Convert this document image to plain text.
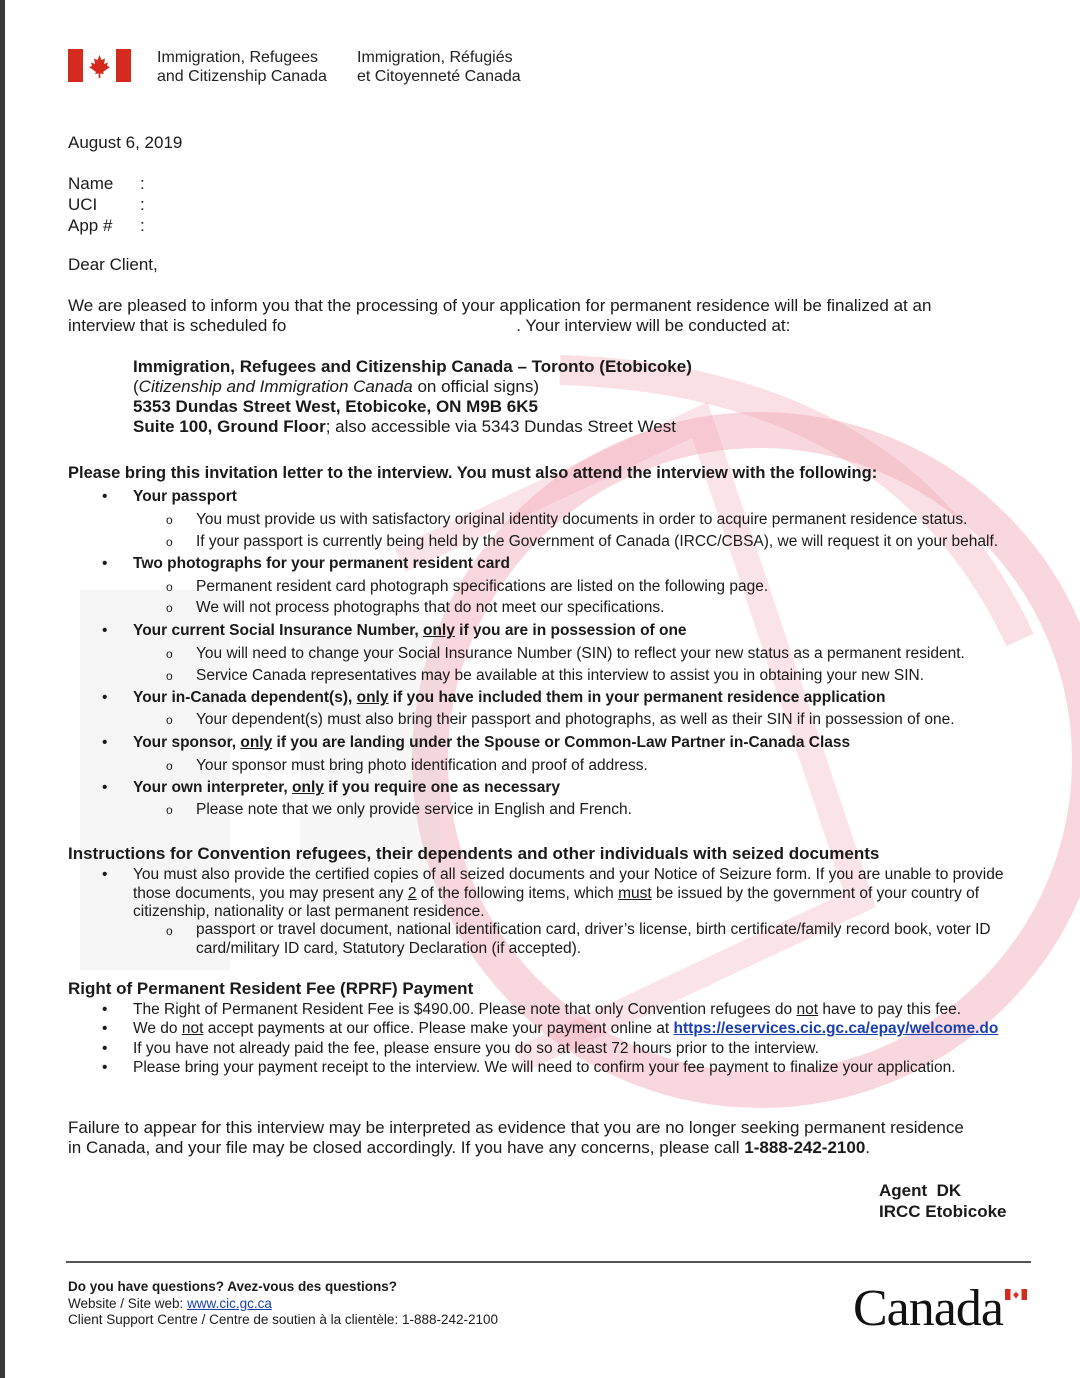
Immigration, Refugees
and Citizenship Canada
Immigration, Réfugiés
et Citoyenneté Canada
August 6, 2019
Name	:
UCI	:
App #	:
Dear Client,
We are pleased to inform you that the processing of your application for permanent residence will be finalized at an
interview that is scheduled fo	. Your interview will be conducted at:
Immigration, Refugees and Citizenship Canada – Toronto (Etobicoke)
(Citizenship and Immigration Canada on official signs)
5353 Dundas Street West, Etobicoke, ON M9B 6K5
Suite 100, Ground Floor; also accessible via 5343 Dundas Street West
Please bring this invitation letter to the interview. You must also attend the interview with the following:
• Your passport
o You must provide us with satisfactory original identity documents in order to acquire permanent residence status.
o If your passport is currently being held by the Government of Canada (IRCC/CBSA), we will request it on your behalf.
• Two photographs for your permanent resident card
o Permanent resident card photograph specifications are listed on the following page.
o We will not process photographs that do not meet our specifications.
• Your current Social Insurance Number, only if you are in possession of one
o You will need to change your Social Insurance Number (SIN) to reflect your new status as a permanent resident.
o Service Canada representatives may be available at this interview to assist you in obtaining your new SIN.
• Your in-Canada dependent(s), only if you have included them in your permanent residence application
o Your dependent(s) must also bring their passport and photographs, as well as their SIN if in possession of one.
• Your sponsor, only if you are landing under the Spouse or Common-Law Partner in-Canada Class
o Your sponsor must bring photo identification and proof of address.
• Your own interpreter, only if you require one as necessary
o Please note that we only provide service in English and French.
Instructions for Convention refugees, their dependents and other individuals with seized documents
• You must also provide the certified copies of all seized documents and your Notice of Seizure form. If you are unable to provide those documents, you may present any 2 of the following items, which must be issued by the government of your country of citizenship, nationality or last permanent residence.
o passport or travel document, national identification card, driver’s license, birth certificate/family record book, voter ID card/military ID card, Statutory Declaration (if accepted).
Right of Permanent Resident Fee (RPRF) Payment
• The Right of Permanent Resident Fee is $490.00. Please note that only Convention refugees do not have to pay this fee.
• We do not accept payments at our office. Please make your payment online at https://eservices.cic.gc.ca/epay/welcome.do
• If you have not already paid the fee, please ensure you do so at least 72 hours prior to the interview.
• Please bring your payment receipt to the interview. We will need to confirm your fee payment to finalize your application.
Failure to appear for this interview may be interpreted as evidence that you are no longer seeking permanent residence
in Canada, and your file may be closed accordingly. If you have any concerns, please call 1-888-242-2100.
Agent  DK
IRCC Etobicoke
Do you have questions? Avez-vous des questions?
Website / Site web: www.cic.gc.ca
Client Support Centre / Centre de soutien à la clientèle: 1-888-242-2100	Canada
